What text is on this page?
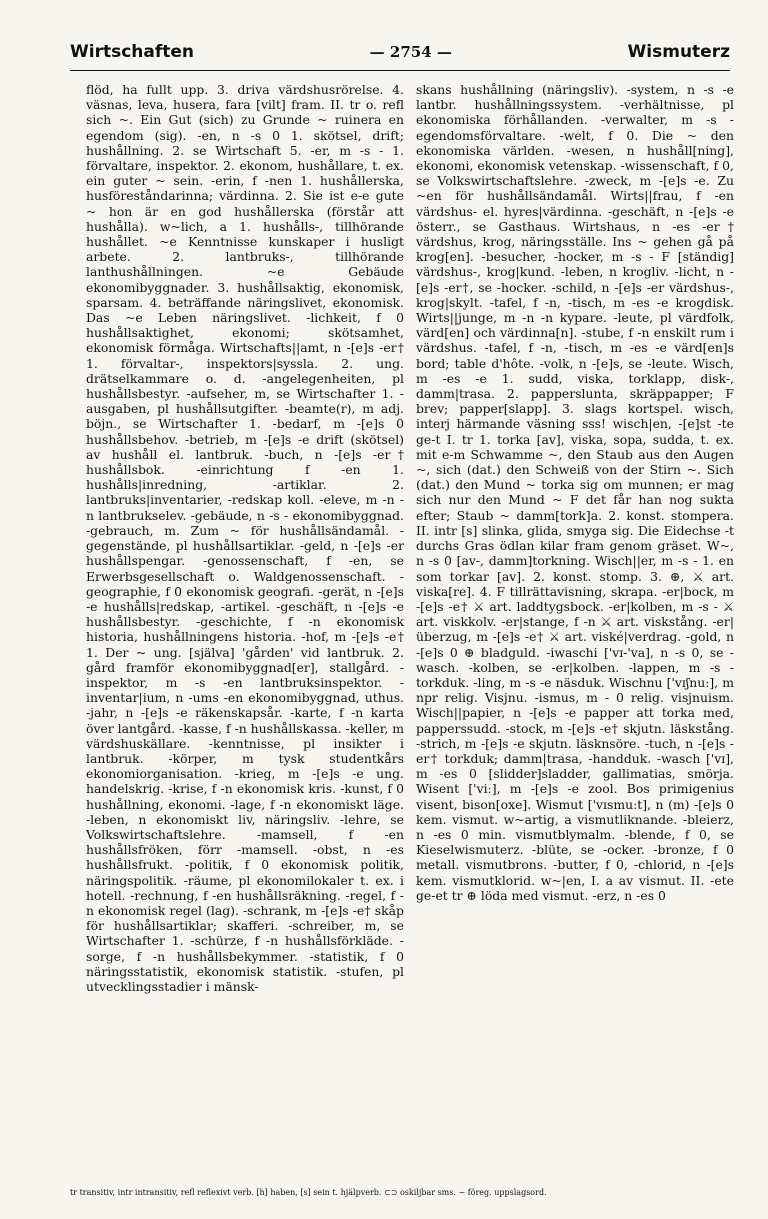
Wirtschaften	— 2754 —	Wismuterz

flöd, ha fullt upp. 3. driva värdshusrörelse. 4. väsnas, leva, husera, fara [vilt] fram. II. tr o. refl sich ~. Ein Gut (sich) zu Grunde ~ ruinera en egendom (sig). -en, n -s 0 1. skötsel, drift; hushållning. 2. se Wirtschaft 5. -er, m -s - 1. förvaltare, inspektor. 2. ekonom, hushållare, t. ex. ein guter ~ sein. -erin, f -nen 1. hushållerska, husföreståndarinna; värdinna. 2. Sie ist e-e gute ~ hon är en god hushållerska (förstår att hushålla). w~lich, a 1. hushålls-, tillhörande hushållet. ~e Kenntnisse kunskaper i husligt arbete. 2. lantbruks-, tillhörande lanthushållningen. ~e Gebäude ekonomibyggnader. 3. hushållsaktig, ekonomisk, sparsam. 4. beträffande näringslivet, ekonomisk. Das ~e Leben näringslivet. -lichkeit, f 0 hushållsaktighet, ekonomi; skötsamhet, ekonomisk förmåga. Wirtschafts||amt, n -[e]s -er† 1. förvaltar-, inspektors|syssla. 2. ung. drätselkammare o. d. -angelegenheiten, pl hushållsbestyr. -aufseher, m, se Wirtschafter 1. -ausgaben, pl hushållsutgifter. -beamte(r), m adj. böjn., se Wirtschafter 1. -bedarf, m -[e]s 0 hushållsbehov. -betrieb, m -[e]s -e drift (skötsel) av hushåll el. lantbruk. -buch, n -[e]s -er† hushållsbok. -einrichtung f -en 1. hushålls|inredning, -artiklar. 2. lantbruks|inventarier, -redskap koll. -eleve, m -n -n lantbrukselev. -gebäude, n -s - ekonomibyggnad. -gebrauch, m. Zum ~ för hushållsändamål. -gegenstände, pl hushållsartiklar. -geld, n -[e]s -er hushållspengar. -genossenschaft, f -en, se Erwerbsgesellschaft o. Waldgenossenschaft. -geographie, f 0 ekonomisk geografi. -gerät, n -[e]s -e hushålls|redskap, -artikel. -geschäft, n -[e]s -e hushållsbestyr. -geschichte, f -n ekonomisk historia, hushållningens historia. -hof, m -[e]s -e† 1. Der ~ ung. [själva] 'gården' vid lantbruk. 2. gård framför ekonomibyggnad[er], stallgård. -inspektor, m -s -en lantbruksinspektor. -inventar|ium, n -ums -en ekonomibyggnad, uthus. -jahr, n -[e]s -e räkenskapsår. -karte, f -n karta över lantgård. -kasse, f -n hushållskassa. -keller, m värdshuskällare. -kenntnisse, pl insikter i lantbruk. -körper, m tysk studentkårs ekonomiorganisation. -krieg, m -[e]s -e ung. handelskrig. -krise, f -n ekonomisk kris. -kunst, f 0 hushållning, ekonomi. -lage, f -n ekonomiskt läge. -leben, n ekonomiskt liv, näringsliv. -lehre, se Volkswirtschaftslehre. -mamsell, f -en hushållsfröken, förr -mamsell. -obst, n -es hushållsfrukt. -politik, f 0 ekonomisk politik, näringspolitik. -räume, pl ekonomilokaler t. ex. i hotell. -rechnung, f -en hushållsräkning. -regel, f -n ekonomisk regel (lag). -schrank, m -[e]s -e† skåp för hushållsartiklar; skafferi. -schreiber, m, se Wirtschafter 1. -schürze, f -n hushållsförkläde. -sorge, f -n hushållsbekymmer. -statistik, f 0 näringsstatistik, ekonomisk statistik. -stufen, pl utvecklingsstadier i mänsk-

skans hushållning (näringsliv). -system, n -s -e lantbr. hushållningssystem. -verhältnisse, pl ekonomiska förhållanden. -verwalter, m -s - egendomsförvaltare. -welt, f 0. Die ~ den ekonomiska världen. -wesen, n hushåll[ning], ekonomi, ekonomisk vetenskap. -wissenschaft, f 0, se Volkswirtschaftslehre. -zweck, m -[e]s -e. Zu ~en för hushållsändamål. Wirts||frau, f -en värdshus- el. hyres|värdinna. -geschäft, n -[e]s -e österr., se Gasthaus. Wirtshaus, n -es -er† värdshus, krog, näringsställe. Ins ~ gehen gå på krog[en]. -besucher, -hocker, m -s - F [ständig] värdshus-, krog|kund. -leben, n krogliv. -licht, n -[e]s -er†, se -hocker. -schild, n -[e]s -er värdshus-, krog|skylt. -tafel, f -n, -tisch, m -es -e krogdisk. Wirts||junge, m -n -n kypare. -leute, pl värdfolk, värd[en] och värdinna[n]. -stube, f -n enskilt rum i värdshus. -tafel, f -n, -tisch, m -es -e värd[en]s bord; table d'hôte. -volk, n -[e]s, se -leute. Wisch, m -es -e 1. sudd, viska, torklapp, disk-, damm|trasa. 2. papperslunta, skräppapper; F brev; papper[slapp]. 3. slags kortspel. wisch, interj härmande väsning sss! wisch|en, -[e]st -te ge-t I. tr 1. torka [av], viska, sopa, sudda, t. ex. mit e-m Schwamme ~, den Staub aus den Augen ~, sich (dat.) den Schweiß von der Stirn ~. Sich (dat.) den Mund ~ torka sig om munnen; er mag sich nur den Mund ~ F det får han nog sukta efter; Staub ~ damm[tork]a. 2. konst. stompera. II. intr [s] slinka, glida, smyga sig. Die Eidechse -t durchs Gras ödlan kilar fram genom gräset. W~, n -s 0 [av-, damm]torkning. Wisch||er, m -s - 1. en som torkar [av]. 2. konst. stomp. 3. ⊕, ⚔ art. viska[re]. 4. F tillrättavisning, skrapa. -er|bock, m -[e]s -e† ⚔ art. laddtygsbock. -er|kolben, m -s - ⚔ art. viskkolv. -er|stange, f -n ⚔ art. viskstång. -er|überzug, m -[e]s -e† ⚔ art. viské|verdrag. -gold, n -[e]s 0 ⊕ bladguld. -iwaschi ['vɪ-'va], n -s 0, se -wasch. -kolben, se -er|kolben. -lappen, m -s - torkduk. -ling, m -s -e näsduk. Wischnu ['vɪʃnuː], m npr relig. Visjnu. -ismus, m - 0 relig. visjnuism. Wisch||papier, n -[e]s -e papper att torka med, papperssudd. -stock, m -[e]s -e† skjutn. läskstång. -strich, m -[e]s -e skjutn. läsknsöre. -tuch, n -[e]s -er† torkduk; damm|trasa, -handduk. -wasch ['vɪ], m -es 0 [slidder]sladder, gallimatias, smörja. Wisent ['viː], m -[e]s -e zool. Bos primigenius visent, bison[oxe]. Wismut ['vɪsmuːt], n (m) -[e]s 0 kem. vismut. w~artig, a vismutliknande. -bleierz, n -es 0 min. vismutblymalm. -blende, f 0, se Kieselwismuterz. -blüte, se -ocker. -bronze, f 0 metall. vismutbrons. -butter, f 0, -chlorid, n -[e]s kem. vismutklorid. w~|en, I. a av vismut. II. -ete ge-et tr ⊕ löda med vismut. -erz, n -es 0

tr transitiv, intr intransitiv, refl reflexivt verb. [h] haben, [s] sein t. hjälpverb. ⊂⊃ oskiljbar sms. ~ föreg. uppslagsord.
